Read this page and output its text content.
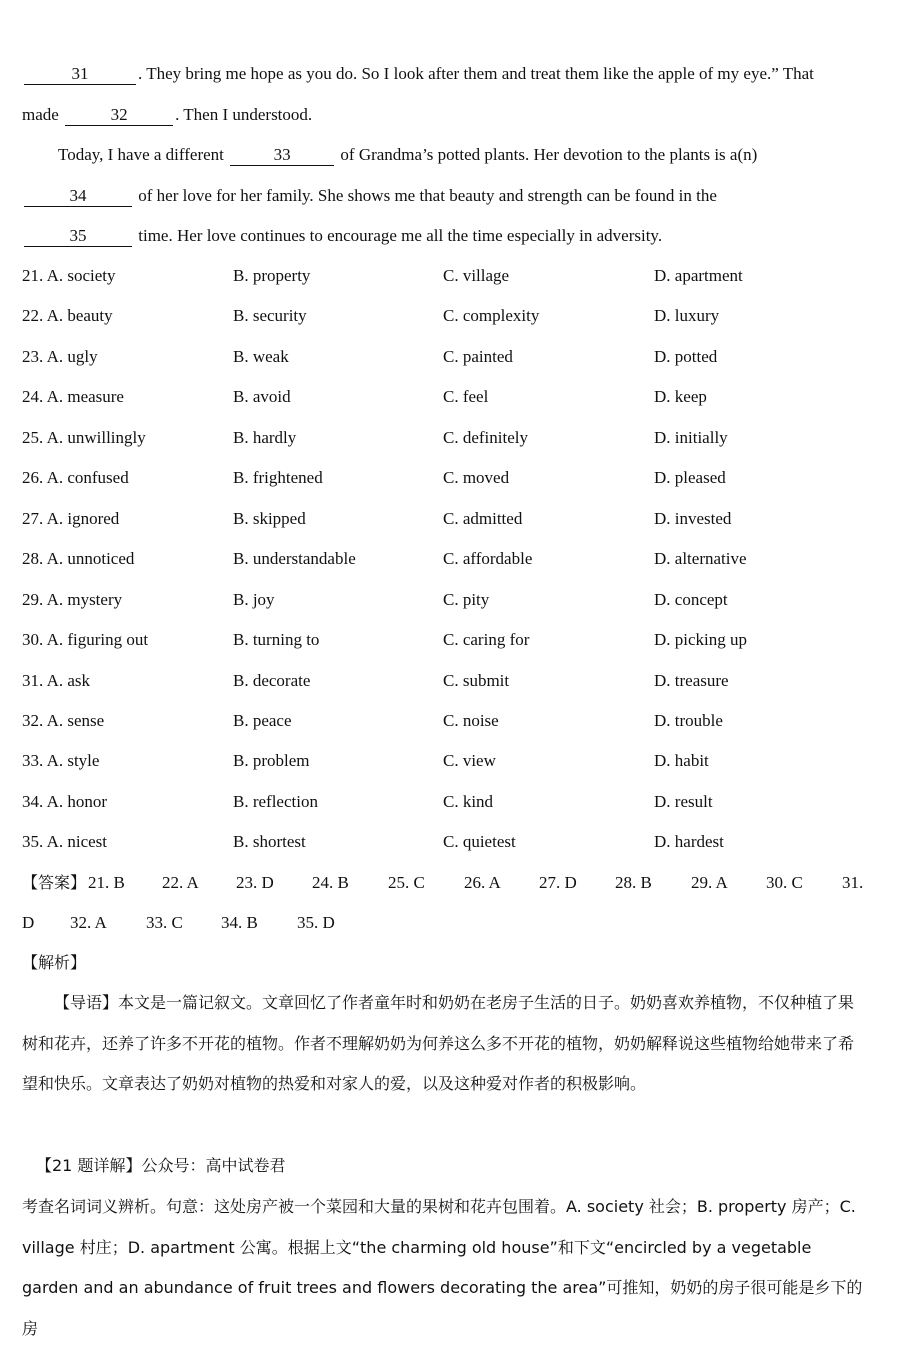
31	. They bring me hope as you do. So I look after them and treat them like the apple of my eye.” That
made	32	. Then I understood.
Today, I have a different	33	of Grandma’s potted plants. Her devotion to the plants is a(n)
34	of her love for her family. She shows me that beauty and strength can be found in the
35	time. Her love continues to encourage me all the time especially in adversity.
21. A. society	B. property	C. village	D. apartment
22. A. beauty	B. security	C. complexity	D. luxury
23. A. ugly	B. weak	C. painted	D. potted
24. A. measure	B. avoid	C. feel	D. keep
25. A. unwillingly	B. hardly	C. definitely	D. initially
26. A. confused	B. frightened	C. moved	D. pleased
27. A. ignored	B. skipped	C. admitted	D. invested
28. A. unnoticed	B. understandable	C. affordable	D. alternative
29. A. mystery	B. joy	C. pity	D. concept
30. A. figuring out	B. turning to	C. caring for	D. picking up
31. A. ask	B. decorate	C. submit	D. treasure
32. A. sense	B. peace	C. noise	D. trouble
33. A. style	B. problem	C. view	D. habit
34. A. honor	B. reflection	C. kind	D. result
35. A. nicest	B. shortest	C. quietest	D. hardest
【答案】 21. B 22. A 23. D 24. B 25. C 26. A 27. D 28. B 29. A 30. C 31.
D 32. A 33. C 34. B 35. D
【解析】
【导语】本文是一篇记叙文。文章回忆了作者童年时和奶奶在老房子生活的日子。奶奶喜欢养植物，不仅种植了果树和花卉，还养了许多不开花的植物。作者不理解奶奶为何养这么多不开花的植物，奶奶解释说这些植物给她带来了希望和快乐。文章表达了奶奶对植物的热爱和对家人的爱，以及这种爱对作者的积极影响。
【21 题详解】公众号：高中试卷君
考查名词词义辨析。句意：这处房产被一个菜园和大量的果树和花卉包围着。A. society 社会；B. property 房产；C. village 村庄；D. apartment 公寓。根据上文“the charming old house”和下文“encircled by a vegetable garden and an abundance of fruit trees and flowers decorating the area”可推知，奶奶的房子很可能是乡下的房
